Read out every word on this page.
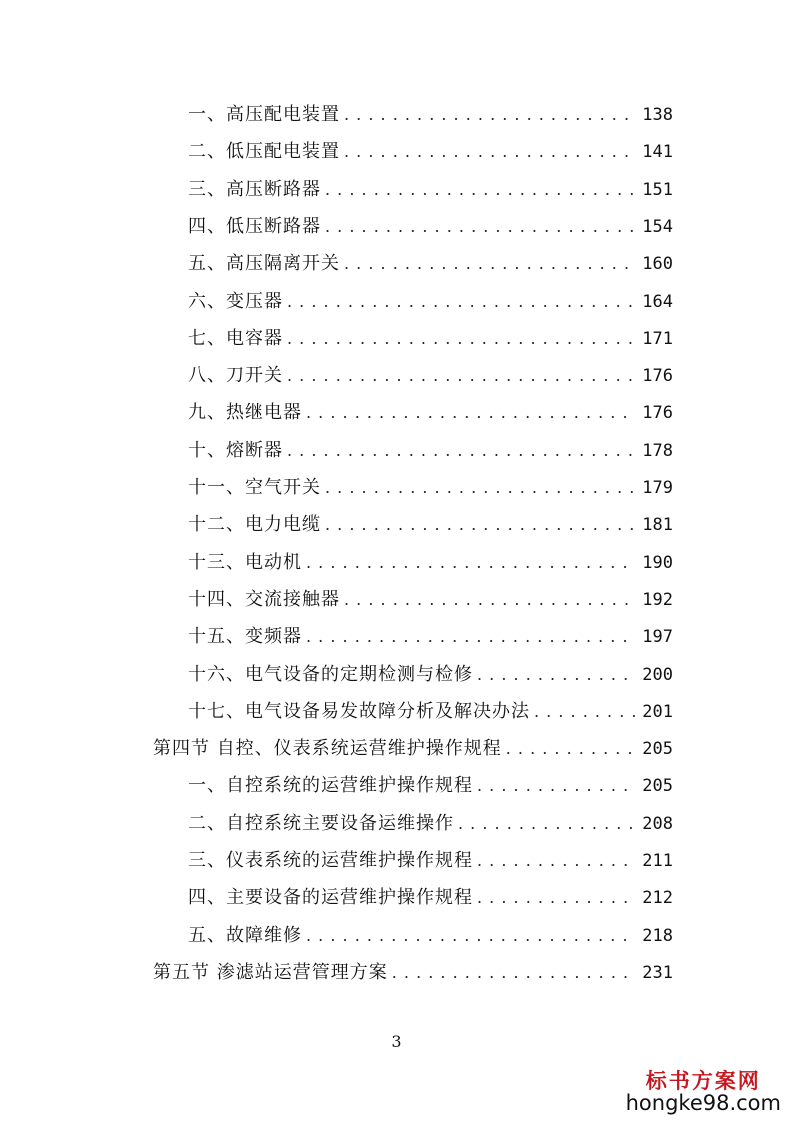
一、高压配电装置 . . .	138
二、低压配电装置 . . .	141
三、高压断路器 . . .	151
四、低压断路器 . . .	154
五、高压隔离开关 . . .	160
六、变压器 . . .	164
七、电容器 . . .	171
八、刀开关 . . .	176
九、热继电器 . . .	176
十、熔断器 . . .	178
十一、空气开关 . . .	179
十二、电力电缆 . . .	181
十三、电动机 . . .	190
十四、交流接触器 . . .	192
十五、变频器 . . .	197
十六、电气设备的定期检测与检修 . . .	200
十七、电气设备易发故障分析及解决办法 . . .	201
第四节 自控、仪表系统运营维护操作规程 . . .	205
一、自控系统的运营维护操作规程 . . .	205
二、自控系统主要设备运维操作 . . .	208
三、仪表系统的运营维护操作规程 . . .	211
四、主要设备的运营维护操作规程 . . .	212
五、故障维修 . . .	218
第五节 渗滤站运营管理方案 . . .	231
3
标书方案网
hongke98.com
